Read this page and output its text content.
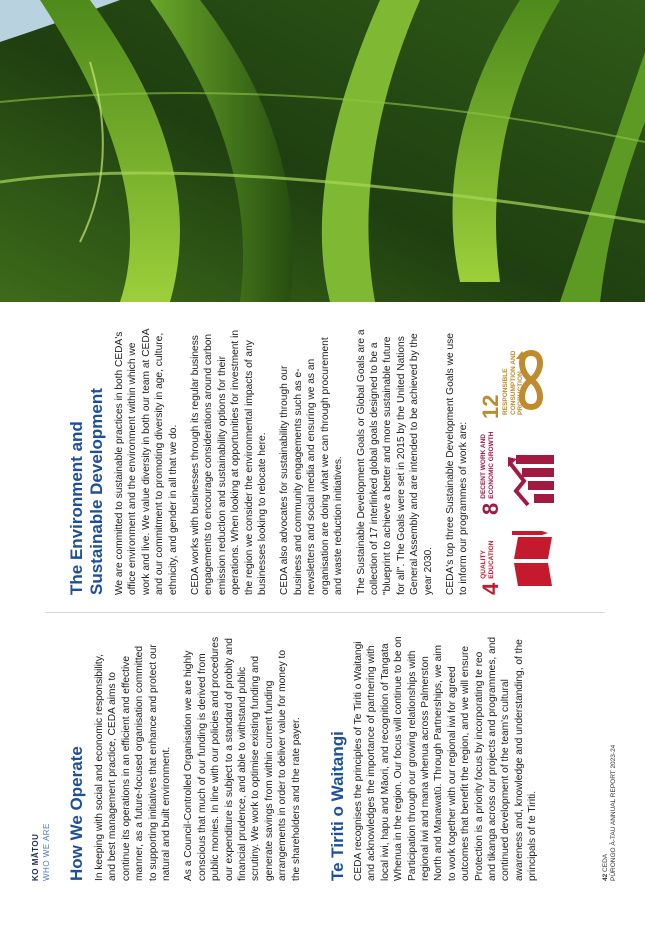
KO MĀTOU WHO WE ARE How We Operate In keeping with social and economic responsibility, and best management practice, CEDA aims to continue its operations in an efficient and effective manner, as a future-focused organisation committed to supporting initiatives that enhance and protect our natural and built environment. As a Council-Controlled Organisation we are highly conscious that much of our funding is derived from public monies. In line with our policies and procedures our expenditure is subject to a standard of probity and financial prudence, and able to withstand public scrutiny. We work to optimise existing funding and generate savings from within current funding arrangements in order to deliver value for money to the shareholders and the rate payer. Te Tiriti o Waitangi CEDA recognises the principles of Te Tiriti o Waitangi and acknowledges the importance of partnering with local iwi, hapu and Māori, and recognition of Tangata Whenua in the region. Our focus will continue to be on Participation through our growing relationships with regional iwi and mana whenua across Palmerston North and Manawatū. Through Partnerships, we aim to work together with our regional iwi for agreed outcomes that benefit the region, and we will ensure Protection is a priority focus by incorporating te reo and tikanga across our projects and programmes, and continued development of the team's cultural awareness and, knowledge and understanding, of the principals of te Tiriti.	42 CEDA PŪRONGO Ā-TAU ANNUAL REPORT 2023-24
The Environment and Sustainable Development We are committed to sustainable practices in both CEDA's office environment and the environment within which we work and live. We value diversity in both our team at CEDA and our commitment to promoting diversity in age, culture, ethnicity, and gender in all that we do. CEDA works with businesses through its regular business engagements to encourage considerations around carbon emission reduction and sustainability options for their operations. When looking at opportunities for investment in the region we consider the environmental impacts of any businesses looking to relocate here. CEDA also advocates for sustainability through our business and community engagements such as e-newsletters and social media and ensuring we as an organisation are doing what we can through procurement and waste reduction initiatives. The Sustainable Development Goals or Global Goals are a collection of 17 interlinked global goals designed to be a "blueprint to achieve a better and more sustainable future for all". The Goals were set in 2015 by the United Nations General Assembly and are intended to be achieved by the year 2030. CEDA's top three Sustainable Development Goals we use to inform our programmes of work are: 4QUALITY
EDUCATION
8DECENT WORK AND
ECONOMIC GROWTH
12RESPONSIBLE
CONSUMPTION AND PRODUCTION
